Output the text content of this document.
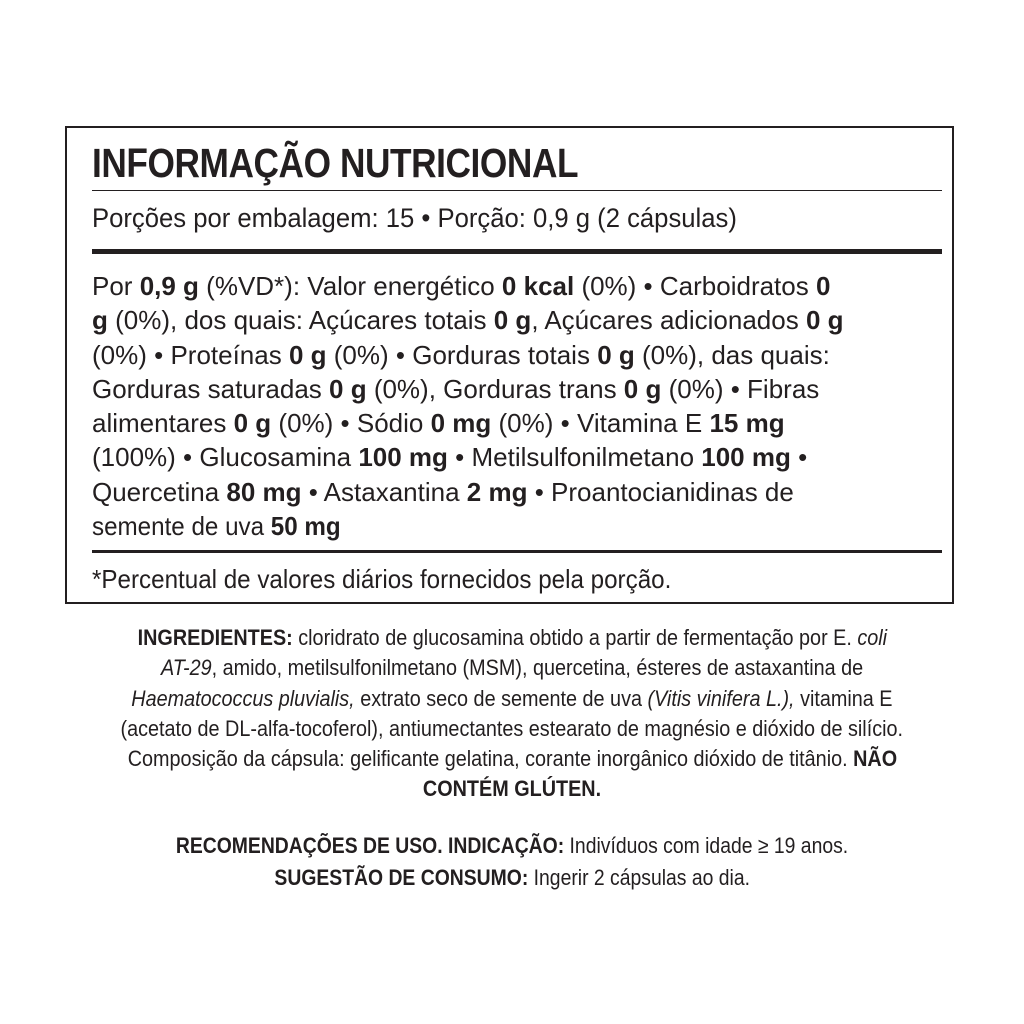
INFORMAÇÃO NUTRICIONAL
Porções por embalagem: 15 • Porção: 0,9 g (2 cápsulas)
Por 0,9 g (%VD*): Valor energético 0 kcal (0%) • Carboidratos 0
g (0%), dos quais: Açúcares totais 0 g, Açúcares adicionados 0 g
(0%) • Proteínas 0 g (0%) • Gorduras totais 0 g (0%), das quais:
Gorduras saturadas 0 g (0%), Gorduras trans 0 g (0%) • Fibras
alimentares 0 g (0%) • Sódio 0 mg (0%) • Vitamina E 15 mg
(100%) • Glucosamina 100 mg • Metilsulfonilmetano 100 mg •
Quercetina 80 mg • Astaxantina 2 mg • Proantocianidinas de
semente de uva 50 mg
*Percentual de valores diários fornecidos pela porção.
INGREDIENTES: cloridrato de glucosamina obtido a partir de fermentação por E. coli
AT-29, amido, metilsulfonilmetano (MSM), quercetina, ésteres de astaxantina de
Haematococcus pluvialis, extrato seco de semente de uva (Vitis vinifera L.), vitamina E
(acetato de DL-alfa-tocoferol), antiumectantes estearato de magnésio e dióxido de silício.
Composição da cápsula: gelificante gelatina, corante inorgânico dióxido de titânio. NÃO
CONTÉM GLÚTEN.
RECOMENDAÇÕES DE USO. INDICAÇÃO: Indivíduos com idade ≥ 19 anos.
SUGESTÃO DE CONSUMO: Ingerir 2 cápsulas ao dia.
